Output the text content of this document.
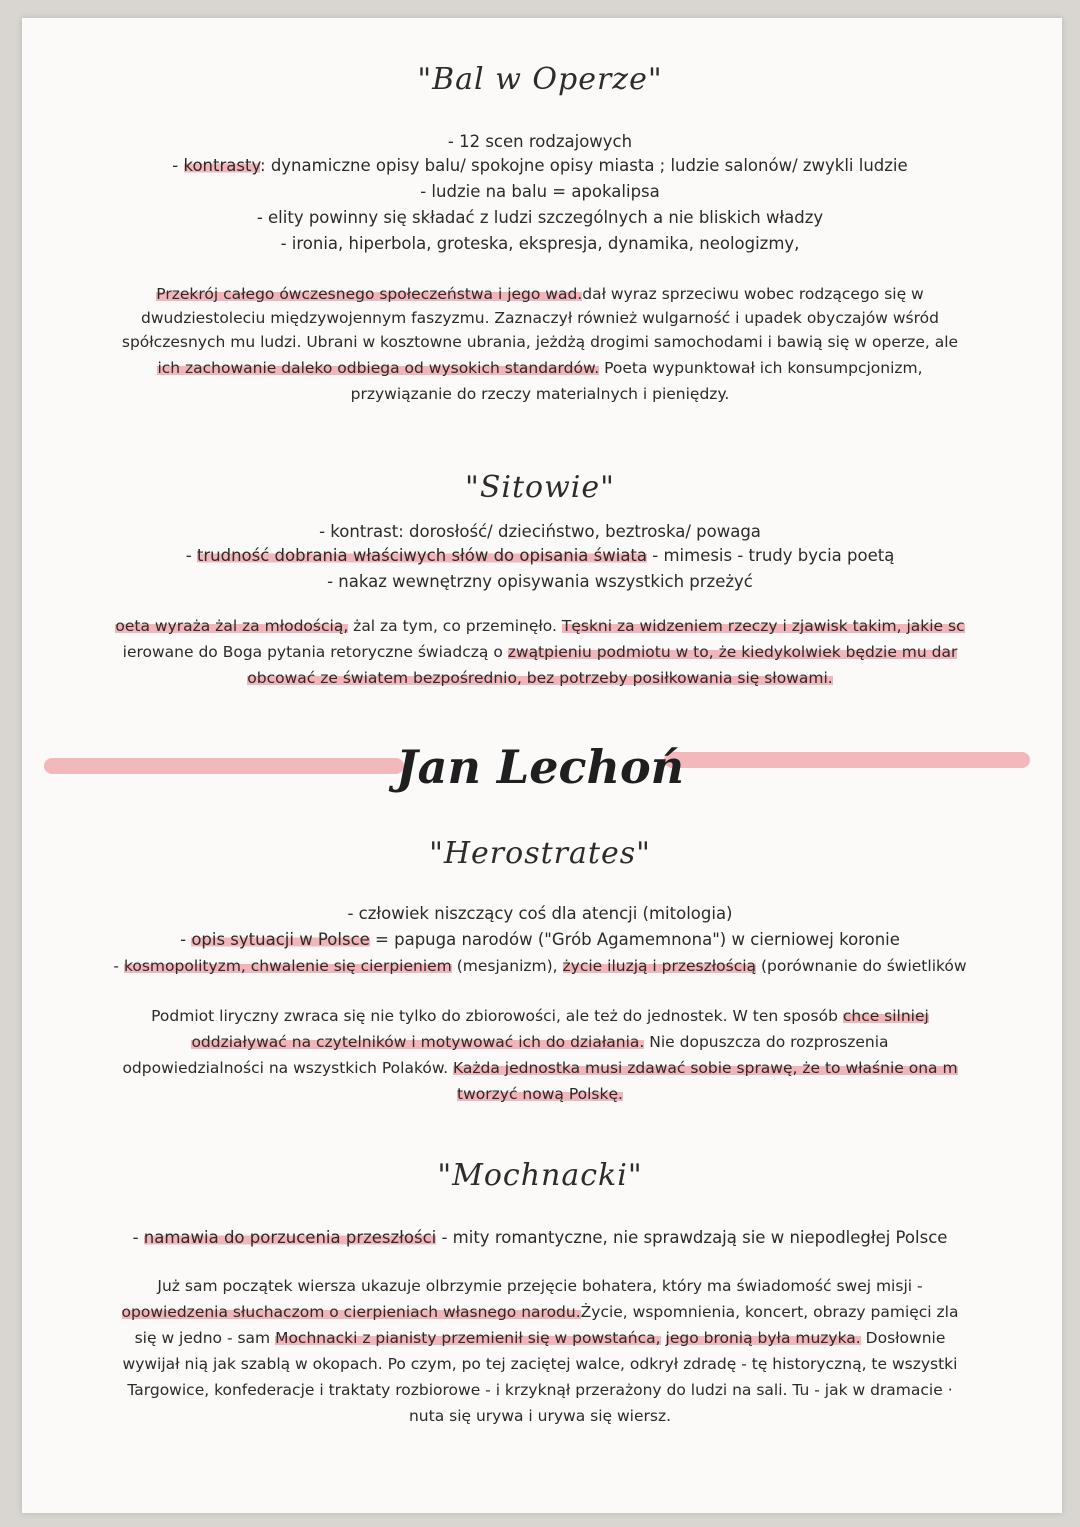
"Bal w Operze"
- 12 scen rodzajowych
- kontrasty: dynamiczne opisy balu/ spokojne opisy miasta ; ludzie salonów/ zwykli ludzie
- ludzie na balu = apokalipsa
- elity powinny się składać z ludzi szczególnych a nie bliskich władzy
- ironia, hiperbola, groteska, ekspresja, dynamika, neologizmy,
Przekrój całego ówczesnego społeczeństwa i jego wad.dał wyraz sprzeciwu wobec rodzącego się w
dwudziestoleciu międzywojennym faszyzmu. Zaznaczył również wulgarność i upadek obyczajów wśród
spółczesnych mu ludzi. Ubrani w kosztowne ubrania, jeżdżą drogimi samochodami i bawią się w operze, ale
ich zachowanie daleko odbiega od wysokich standardów. Poeta wypunktował ich konsumpcjonizm,
przywiązanie do rzeczy materialnych i pieniędzy.
"Sitowie"
- kontrast: dorosłość/ dzieciństwo, beztroska/ powaga
- trudność dobrania właściwych słów do opisania świata - mimesis - trudy bycia poetą
- nakaz wewnętrzny opisywania wszystkich przeżyć
oeta wyraża żal za młodością, żal za tym, co przeminęło. Tęskni za widzeniem rzeczy i zjawisk takim, jakie sc
ierowane do Boga pytania retoryczne świadczą o zwątpieniu podmiotu w to, że kiedykolwiek będzie mu dar
obcować ze światem bezpośrednio, bez potrzeby posiłkowania się słowami.
Jan Lechoń
"Herostrates"
- człowiek niszczący coś dla atencji (mitologia)
- opis sytuacji w Polsce = papuga narodów ("Grób Agamemnona") w cierniowej koronie
- kosmopolityzm, chwalenie się cierpieniem (mesjanizm), życie iluzją i przeszłością (porównanie do świetlików
Podmiot liryczny zwraca się nie tylko do zbiorowości, ale też do jednostek. W ten sposób chce silniej
oddziaływać na czytelników i motywować ich do działania. Nie dopuszcza do rozproszenia
odpowiedzialności na wszystkich Polaków. Każda jednostka musi zdawać sobie sprawę, że to właśnie ona m
tworzyć nową Polskę.
"Mochnacki"
- namawia do porzucenia przeszłości - mity romantyczne, nie sprawdzają sie w niepodległej Polsce
Już sam początek wiersza ukazuje olbrzymie przejęcie bohatera, który ma świadomość swej misji -
opowiedzenia słuchaczom o cierpieniach własnego narodu.Życie, wspomnienia, koncert, obrazy pamięci zla
się w jedno - sam Mochnacki z pianisty przemienił się w powstańca, jego bronią była muzyka. Dosłownie
wywijał nią jak szablą w okopach. Po czym, po tej zaciętej walce, odkrył zdradę - tę historyczną, te wszystki
Targowice, konfederacje i traktaty rozbiorowe - i krzyknął przerażony do ludzi na sali. Tu - jak w dramacie ·
nuta się urywa i urywa się wiersz.
